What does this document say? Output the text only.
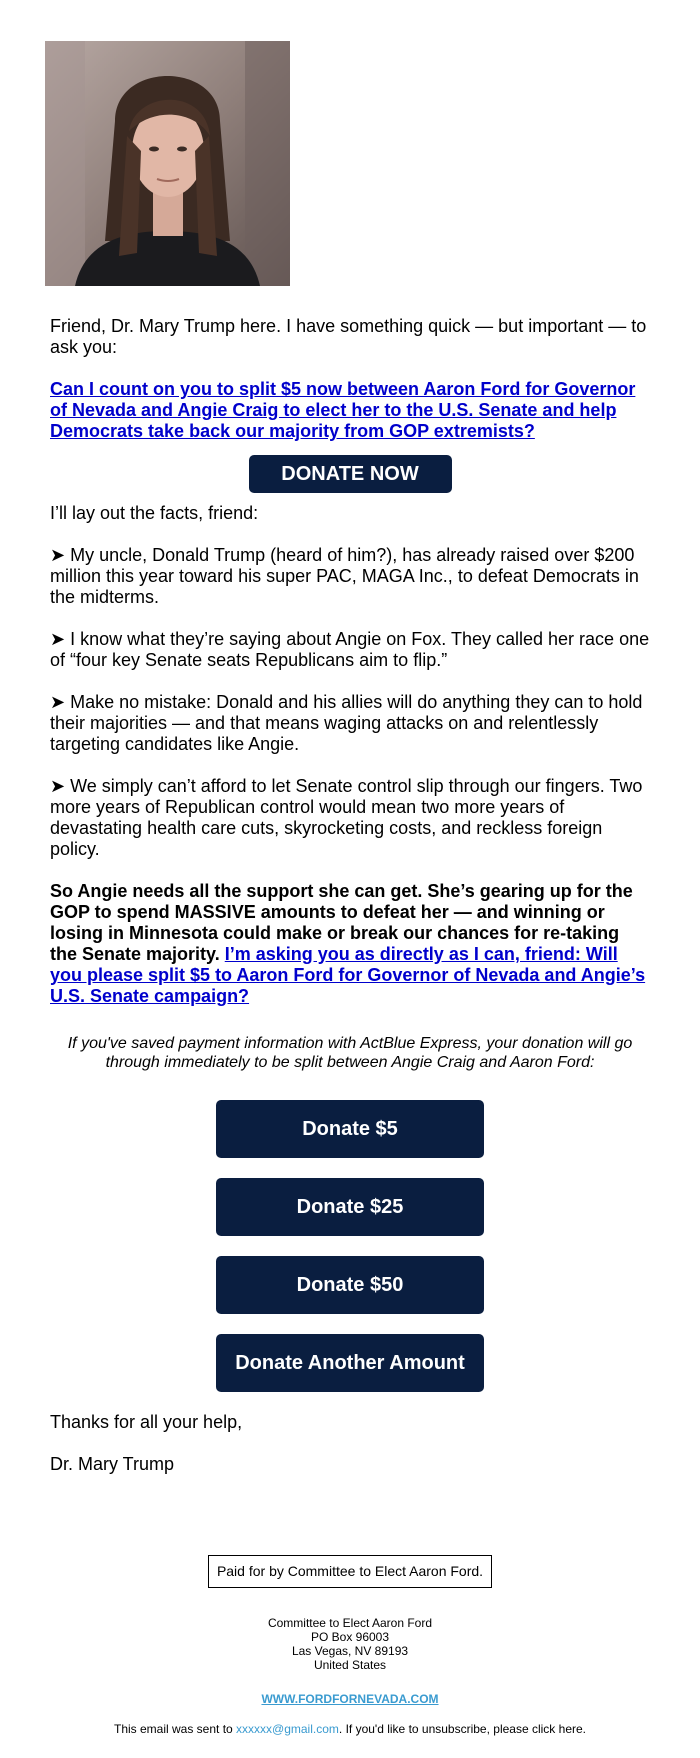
Friend, Dr. Mary Trump here. I have something quick — but important — to ask you:

Can I count on you to split $5 now between Aaron Ford for Governor of Nevada and Angie Craig to elect her to the U.S. Senate and help Democrats take back our majority from GOP extremists?

DONATE NOW

I’ll lay out the facts, friend:

➤ My uncle, Donald Trump (heard of him?), has already raised over $200 million this year toward his super PAC, MAGA Inc., to defeat Democrats in the midterms.

➤ I know what they’re saying about Angie on Fox. They called her race one of “four key Senate seats Republicans aim to flip.”

➤ Make no mistake: Donald and his allies will do anything they can to hold their majorities — and that means waging attacks on and relentlessly targeting candidates like Angie.

➤ We simply can’t afford to let Senate control slip through our fingers. Two more years of Republican control would mean two more years of devastating health care cuts, skyrocketing costs, and reckless foreign policy.

So Angie needs all the support she can get. She’s gearing up for the GOP to spend MASSIVE amounts to defeat her — and winning or losing in Minnesota could make or break our chances for re-taking the Senate majority. I’m asking you as directly as I can, friend: Will you please split $5 to Aaron Ford for Governor of Nevada and Angie’s U.S. Senate campaign?

If you've saved payment information with ActBlue Express, your donation will go through immediately to be split between Angie Craig and Aaron Ford:

Donate $5
Donate $25
Donate $50
Donate Another Amount

Thanks for all your help,

Dr. Mary Trump

Paid for by Committee to Elect Aaron Ford.
Committee to Elect Aaron Ford
PO Box 96003
Las Vegas, NV 89193
United States
WWW.FORDFORNEVADA.COM
This email was sent to xxxxxx@gmail.com. If you'd like to unsubscribe, please click here.
